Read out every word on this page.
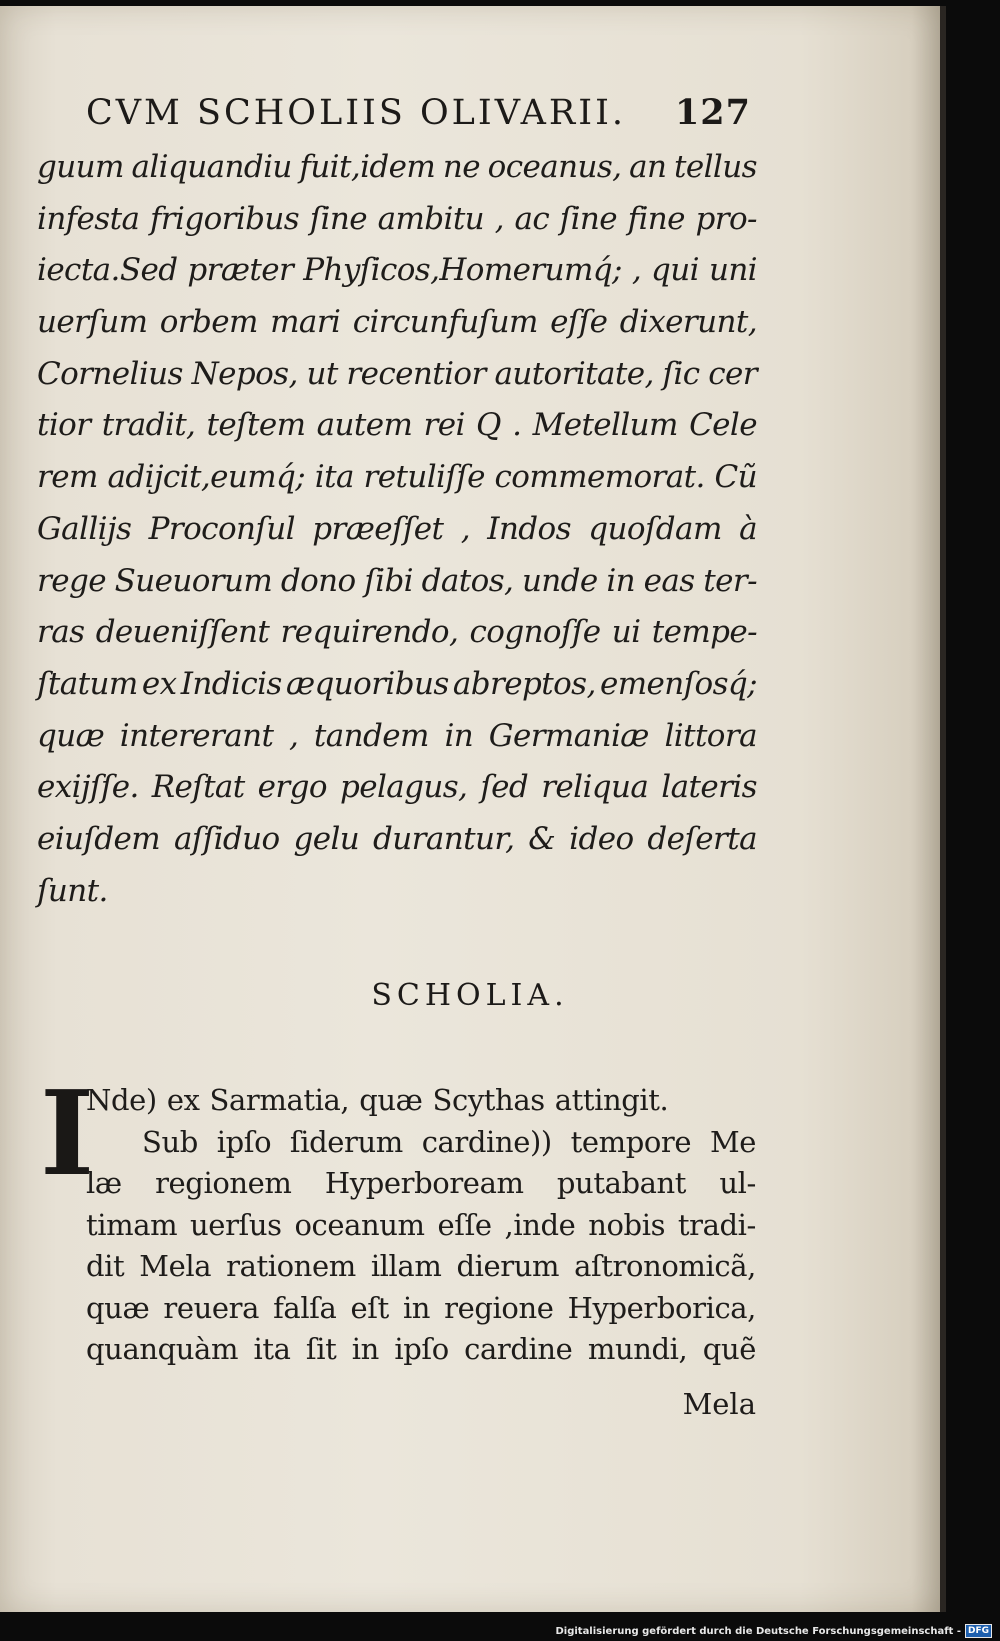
CVM SCHOLIIS OLIVARII. 127
guum aliquandiu fuit,idem ne oceanus, an tellus
infesta frigoribus ſine ambitu , ac ſine fine pro-
iecta.Sed præter Phyſicos,Homerumq́; , qui uni
uerſum orbem mari circunfuſum eſſe dixerunt,
Cornelius Nepos, ut recentior autoritate, ſic cer
tior tradit, teſtem autem rei Q . Metellum Cele
rem adijcit,eumq́; ita retuliſſe commemorat. Cũ
Gallijs Proconſul præeſſet , Indos quoſdam à
rege Sueuorum dono ſibi datos, unde in eas ter-
ras deueniſſent requirendo, cognoſſe ui tempe-
ſtatum ex Indicis æquoribus abreptos, emenſosq́;
quæ intererant , tandem in Germaniæ littora
exijſſe. Reſtat ergo pelagus, ſed reliqua lateris
eiuſdem aſſiduo gelu durantur, & ideo deſerta
ſunt.
SCHOLIA.
I
Nde) ex Sarmatia, quæ Scythas attingit.
Sub ipſo ſiderum cardine)) tempore Me
læ regionem Hyperboream putabant ul-
timam uerſus oceanum eſſe ,inde nobis tradi-
dit Mela rationem illam dierum aſtronomicã,
quæ reuera falſa eſt in regione Hyperborica,
quanquàm ita ſit in ipſo cardine mundi, quẽ
Mela
Digitalisierung gefördert durch die Deutsche Forschungsgemeinschaft - DFG
